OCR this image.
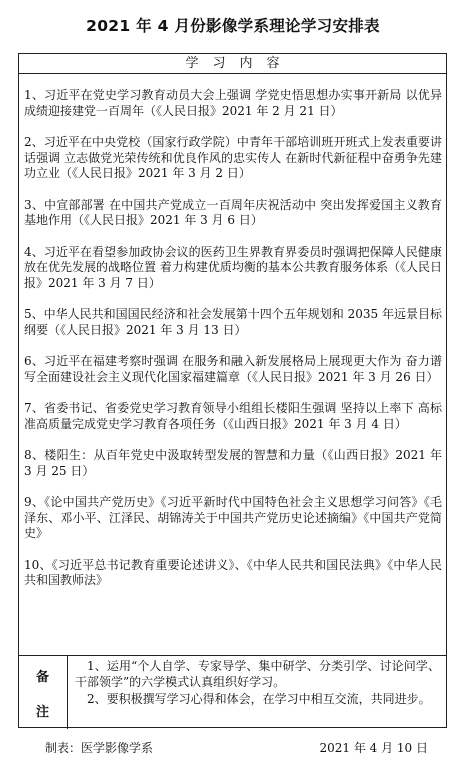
2021 年 4 月份影像学系理论学习安排表
学习内容

1、习近平在党史学习教育动员大会上强调 学党史悟思想办实事开新局 以优异成绩迎接建党一百周年（《人民日报》2021 年 2 月 21 日）

2、习近平在中央党校（国家行政学院）中青年干部培训班开班式上发表重要讲话强调 立志做党光荣传统和优良作风的忠实传人 在新时代新征程中奋勇争先建功立业（《人民日报》2021 年 3 月 2 日）

3、中宣部部署 在中国共产党成立一百周年庆祝活动中 突出发挥爱国主义教育基地作用（《人民日报》2021 年 3 月 6 日）

4、习近平在看望参加政协会议的医药卫生界教育界委员时强调把保障人民健康放在优先发展的战略位置 着力构建优质均衡的基本公共教育服务体系（《人民日报》2021 年 3 月 7 日）

5、中华人民共和国国民经济和社会发展第十四个五年规划和 2035 年远景目标纲要（《人民日报》2021 年 3 月 13 日）

6、习近平在福建考察时强调 在服务和融入新发展格局上展现更大作为 奋力谱写全面建设社会主义现代化国家福建篇章（《人民日报》2021 年 3 月 26 日）

7、省委书记、省委党史学习教育领导小组组长楼阳生强调 坚持以上率下 高标准高质量完成党史学习教育各项任务（《山西日报》2021 年 3 月 4 日）

8、楼阳生：从百年党史中汲取转型发展的智慧和力量（《山西日报》2021 年 3 月 25 日）

9、《论中国共产党历史》《习近平新时代中国特色社会主义思想学习问答》《毛泽东、邓小平、江泽民、胡锦涛关于中国共产党历史论述摘编》《中国共产党简史》

10、《习近平总书记教育重要论述讲义》、《中华人民共和国民法典》《中华人民共和国教师法》

备
注

1、运用“个人自学、专家导学、集中研学、分类引学、讨论问学、干部领学”的六学模式认真组织好学习。

2、要积极撰写学习心得和体会，在学习中相互交流，共同进步。

制表：医学影像学系	2021 年 4 月 10 日
